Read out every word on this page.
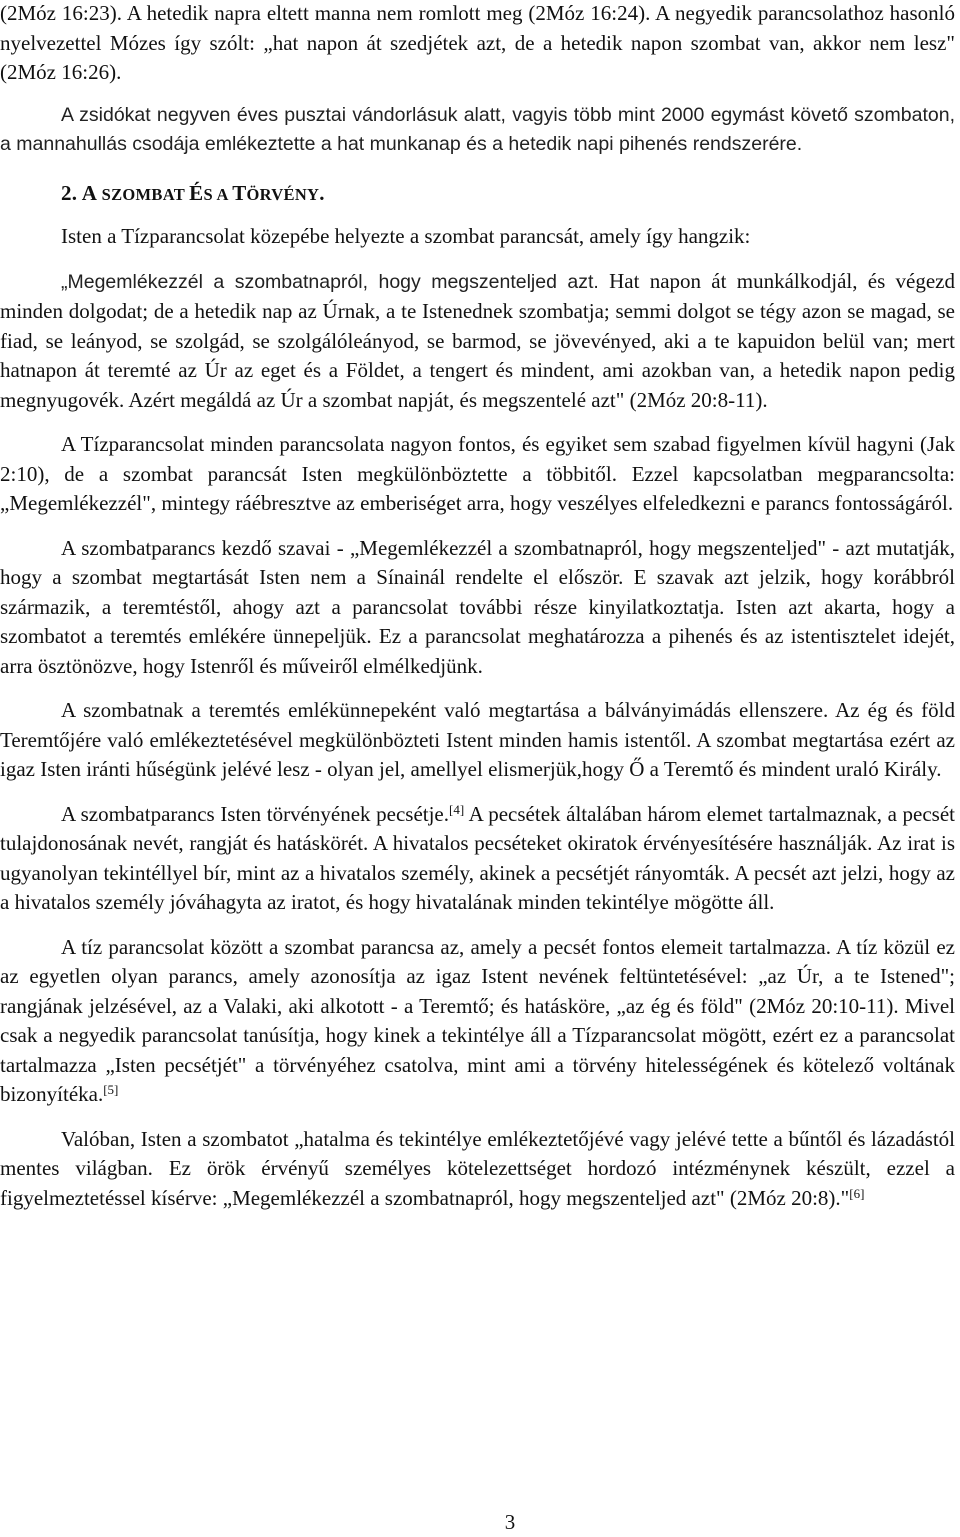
(2Móz 16:23). A hetedik napra eltett manna nem romlott meg (2Móz 16:24). A negyedik parancsolathoz hasonló nyelvezettel Mózes így szólt: „hat napon át szedjétek azt, de a hetedik napon szombat van, akkor nem lesz" (2Móz 16:26).

A zsidókat negyven éves pusztai vándorlásuk alatt, vagyis több mint 2000 egymást követő szombaton, a mannahullás csodája emlékeztette a hat munkanap és a hetedik napi pihenés rendszerére.

2. A SZOMBAT ÉS A TÖRVÉNY.

Isten a Tízparancsolat közepébe helyezte a szombat parancsát, amely így hangzik:

„Megemlékezzél a szombatnapról, hogy megszenteljed azt. Hat napon át munkálkodjál, és végezd minden dolgodat; de a hetedik nap az Úrnak, a te Istenednek szombatja; semmi dolgot se tégy azon se magad, se fiad, se leányod, se szolgád, se szolgálóleányod, se barmod, se jövevényed, aki a te kapuidon belül van; mert hatnapon át teremté az Úr az eget és a Földet, a tengert és mindent, ami azokban van, a hetedik napon pedig megnyugovék. Azért megáldá az Úr a szombat napját, és megszentelé azt" (2Móz 20:8-11).

A Tízparancsolat minden parancsolata nagyon fontos, és egyiket sem szabad figyelmen kívül hagyni (Jak 2:10), de a szombat parancsát Isten megkülönböztette a többitől. Ezzel kapcsolatban megparancsolta: „Megemlékezzél", mintegy ráébresztve az emberiséget arra, hogy veszélyes elfeledkezni e parancs fontosságáról.

A szombatparancs kezdő szavai - „Megemlékezzél a szombatnapról, hogy megszenteljed" - azt mutatják, hogy a szombat megtartását Isten nem a Sínainál rendelte el először. E szavak azt jelzik, hogy korábbról származik, a teremtéstől, ahogy azt a parancsolat további része kinyilatkoztatja. Isten azt akarta, hogy a szombatot a teremtés emlékére ünnepeljük. Ez a parancsolat meghatározza a pihenés és az istentisztelet idejét, arra ösztönözve, hogy Istenről és műveiről elmélkedjünk.

A szombatnak a teremtés emlékünnepeként való megtartása a bálványimádás ellenszere. Az ég és föld Teremtőjére való emlékeztetésével megkülönbözteti Istent minden hamis istentől. A szombat megtartása ezért az igaz Isten iránti hűségünk jelévé lesz - olyan jel, amellyel elismerjük,hogy Ő a Teremtő és mindent uraló Király.

A szombatparancs Isten törvényének pecsétje.[4] A pecsétek általában három elemet tartalmaznak, a pecsét tulajdonosának nevét, rangját és hatáskörét. A hivatalos pecséteket okiratok érvényesítésére használják. Az irat is ugyanolyan tekintéllyel bír, mint az a hivatalos személy, akinek a pecsétjét rányomták. A pecsét azt jelzi, hogy az a hivatalos személy jóváhagyta az iratot, és hogy hivatalának minden tekintélye mögötte áll.

A tíz parancsolat között a szombat parancsa az, amely a pecsét fontos elemeit tartalmazza. A tíz közül ez az egyetlen olyan parancs, amely azonosítja az igaz Istent nevének feltüntetésével: „az Úr, a te Istened"; rangjának jelzésével, az a Valaki, aki alkotott - a Teremtő; és hatásköre, „az ég és föld" (2Móz 20:10-11). Mivel csak a negyedik parancsolat tanúsítja, hogy kinek a tekintélye áll a Tízparancsolat mögött, ezért ez a parancsolat tartalmazza „Isten pecsétjét" a törvényéhez csatolva, mint ami a törvény hitelességének és kötelező voltának bizonyítéka.[5]

Valóban, Isten a szombatot „hatalma és tekintélye emlékeztetőjévé vagy jelévé tette a bűntől és lázadástól mentes világban. Ez örök érvényű személyes kötelezettséget hordozó intézménynek készült, ezzel a figyelmeztetéssel kísérve: „Megemlékezzél a szombatnapról, hogy megszenteljed azt" (2Móz 20:8)."[6]

3
